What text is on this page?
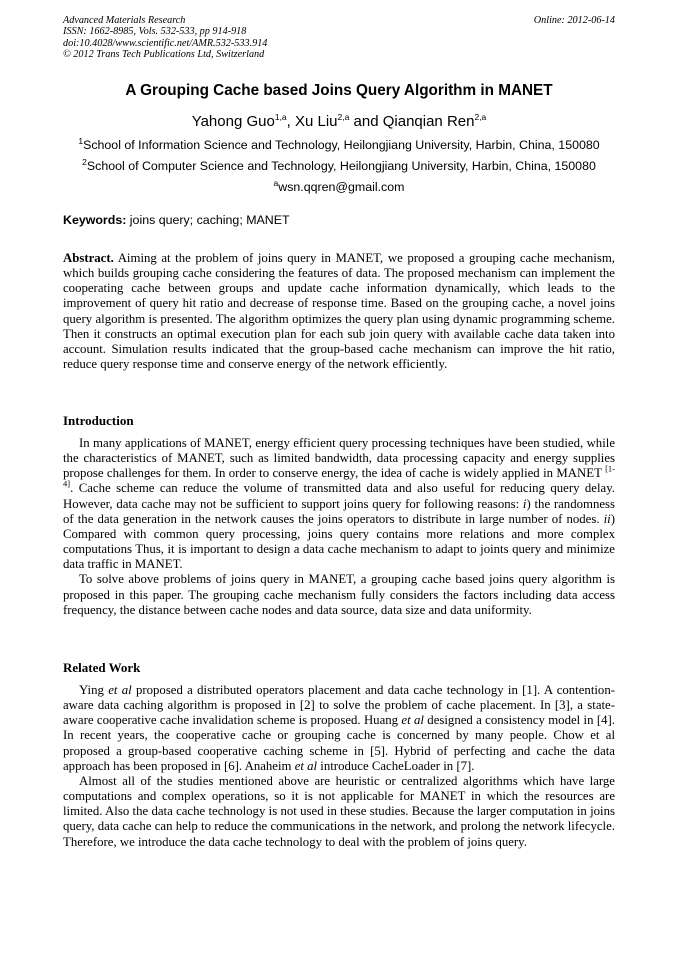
Advanced Materials Research
ISSN: 1662-8985, Vols. 532-533, pp 914-918
doi:10.4028/www.scientific.net/AMR.532-533.914
© 2012 Trans Tech Publications Ltd, Switzerland
Online: 2012-06-14
A Grouping Cache based Joins Query Algorithm in MANET
Yahong Guo$^{1,a}$, Xu Liu$^{2,a}$ and Qianqian Ren$^{2,a}$
$^1$School of Information Science and Technology, Heilongjiang University, Harbin, China, 150080
$^2$School of Computer Science and Technology, Heilongjiang University, Harbin, China, 150080
$^a$wsn.qqren@gmail.com
Keywords: joins query; caching; MANET

Abstract. Aiming at the problem of joins query in MANET, we proposed a grouping cache mechanism, which builds grouping cache considering the features of data. The proposed mechanism can implement the cooperating cache between groups and update cache information dynamically, which leads to the improvement of query hit ratio and decrease of response time. Based on the grouping cache, a novel joins query algorithm is presented. The algorithm optimizes the query plan using dynamic programming scheme. Then it constructs an optimal execution plan for each sub join query with available cache data taken into account. Simulation results indicated that the group-based cache mechanism can improve the hit ratio, reduce query response time and conserve energy of the network efficiently.

Introduction

In many applications of MANET, energy efficient query processing techniques have been studied, while the characteristics of MANET, such as limited bandwidth, data processing capacity and energy supplies propose challenges for them. In order to conserve energy, the idea of cache is widely applied in MANET [1-4]. Cache scheme can reduce the volume of transmitted data and also useful for reducing query delay. However, data cache may not be sufficient to support joins query for following reasons: i) the randomness of the data generation in the network causes the joins operators to distribute in large number of nodes. ii) Compared with common query processing, joins query contains more relations and more complex computations Thus, it is important to design a data cache mechanism to adapt to joints query and minimize data traffic in MANET.

To solve above problems of joins query in MANET, a grouping cache based joins query algorithm is proposed in this paper. The grouping cache mechanism fully considers the factors including data access frequency, the distance between cache nodes and data source, data size and data uniformity.

Related Work

Ying et al proposed a distributed operators placement and data cache technology in [1]. A contention-aware data caching algorithm is proposed in [2] to solve the problem of cache placement. In [3], a state-aware cooperative cache invalidation scheme is proposed. Huang et al designed a consistency model in [4]. In recent years, the cooperative cache or grouping cache is concerned by many people. Chow et al proposed a group-based cooperative caching scheme in [5]. Hybrid of perfecting and cache the data approach has been proposed in [6]. Anaheim et al introduce CacheLoader in [7].

Almost all of the studies mentioned above are heuristic or centralized algorithms which have large computations and complex operations, so it is not applicable for MANET in which the resources are limited. Also the data cache technology is not used in these studies. Because the larger computation in joins query, data cache can help to reduce the communications in the network, and prolong the network lifecycle. Therefore, we introduce the data cache technology to deal with the problem of joins query.
